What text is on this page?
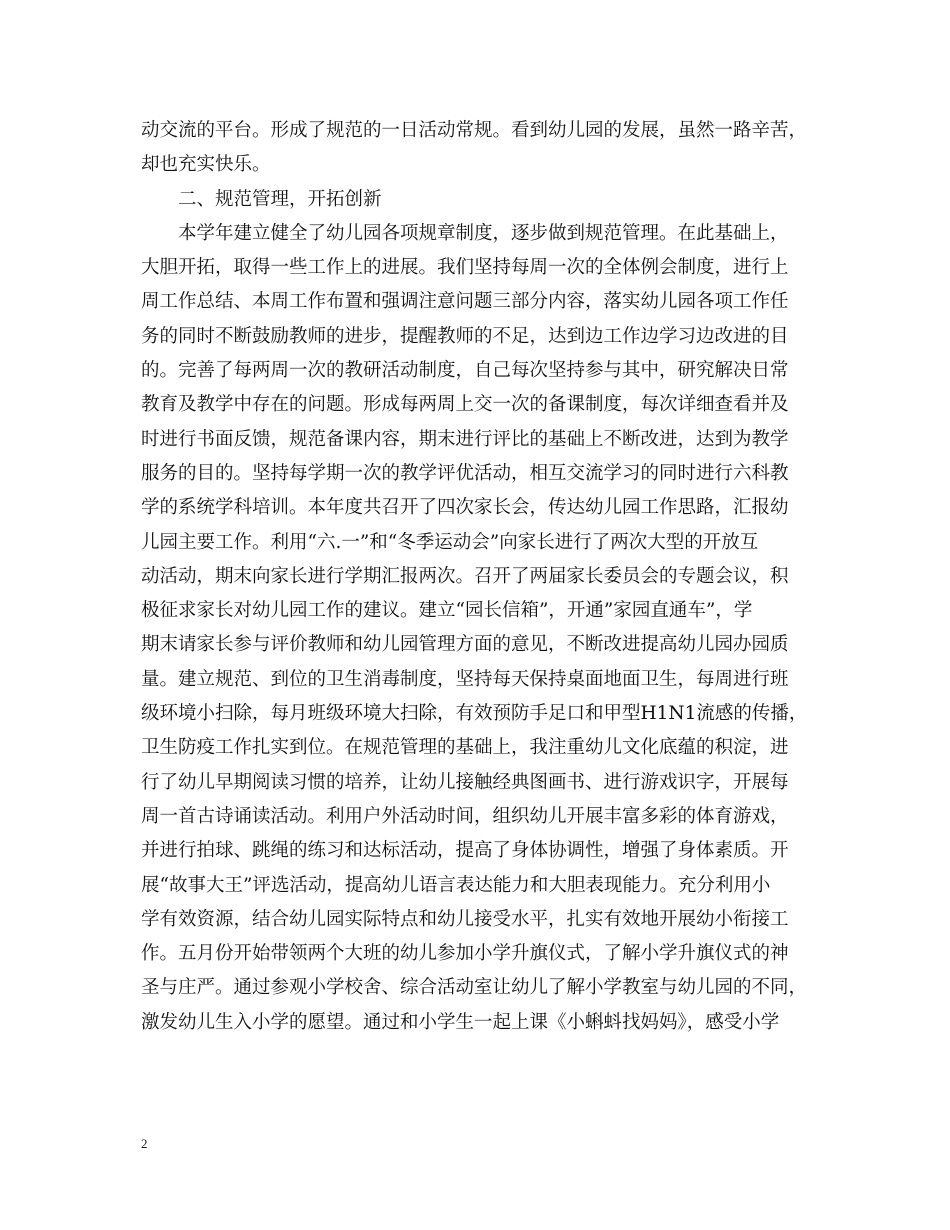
动交流的平台。形成了规范的一日活动常规。看到幼儿园的发展，虽然一路辛苦，
却也充实快乐。
二、规范管理，开拓创新
本学年建立健全了幼儿园各项规章制度，逐步做到规范管理。在此基础上，
大胆开拓，取得一些工作上的进展。我们坚持每周一次的全体例会制度，进行上
周工作总结、本周工作布置和强调注意问题三部分内容，落实幼儿园各项工作任
务的同时不断鼓励教师的进步，提醒教师的不足，达到边工作边学习边改进的目
的。完善了每两周一次的教研活动制度，自己每次坚持参与其中，研究解决日常
教育及教学中存在的问题。形成每两周上交一次的备课制度，每次详细查看并及
时进行书面反馈，规范备课内容，期末进行评比的基础上不断改进，达到为教学
服务的目的。坚持每学期一次的教学评优活动，相互交流学习的同时进行六科教
学的系统学科培训。本年度共召开了四次家长会，传达幼儿园工作思路，汇报幼
儿园主要工作。利用“六.一”和“冬季运动会”向家长进行了两次大型的开放互
动活动，期末向家长进行学期汇报两次。召开了两届家长委员会的专题会议，积
极征求家长对幼儿园工作的建议。建立“园长信箱”，开通”家园直通车”，学
期末请家长参与评价教师和幼儿园管理方面的意见，不断改进提高幼儿园办园质
量。建立规范、到位的卫生消毒制度，坚持每天保持桌面地面卫生，每周进行班
级环境小扫除，每月班级环境大扫除，有效预防手足口和甲型H1N1流感的传播，
卫生防疫工作扎实到位。在规范管理的基础上，我注重幼儿文化底蕴的积淀，进
行了幼儿早期阅读习惯的培养，让幼儿接触经典图画书、进行游戏识字，开展每
周一首古诗诵读活动。利用户外活动时间，组织幼儿开展丰富多彩的体育游戏，
并进行拍球、跳绳的练习和达标活动，提高了身体协调性，增强了身体素质。开
展“故事大王”评选活动，提高幼儿语言表达能力和大胆表现能力。充分利用小
学有效资源，结合幼儿园实际特点和幼儿接受水平，扎实有效地开展幼小衔接工
作。五月份开始带领两个大班的幼儿参加小学升旗仪式，了解小学升旗仪式的神
圣与庄严。通过参观小学校舍、综合活动室让幼儿了解小学教室与幼儿园的不同，
激发幼儿生入小学的愿望。通过和小学生一起上课《小蝌蚪找妈妈》，感受小学
2
